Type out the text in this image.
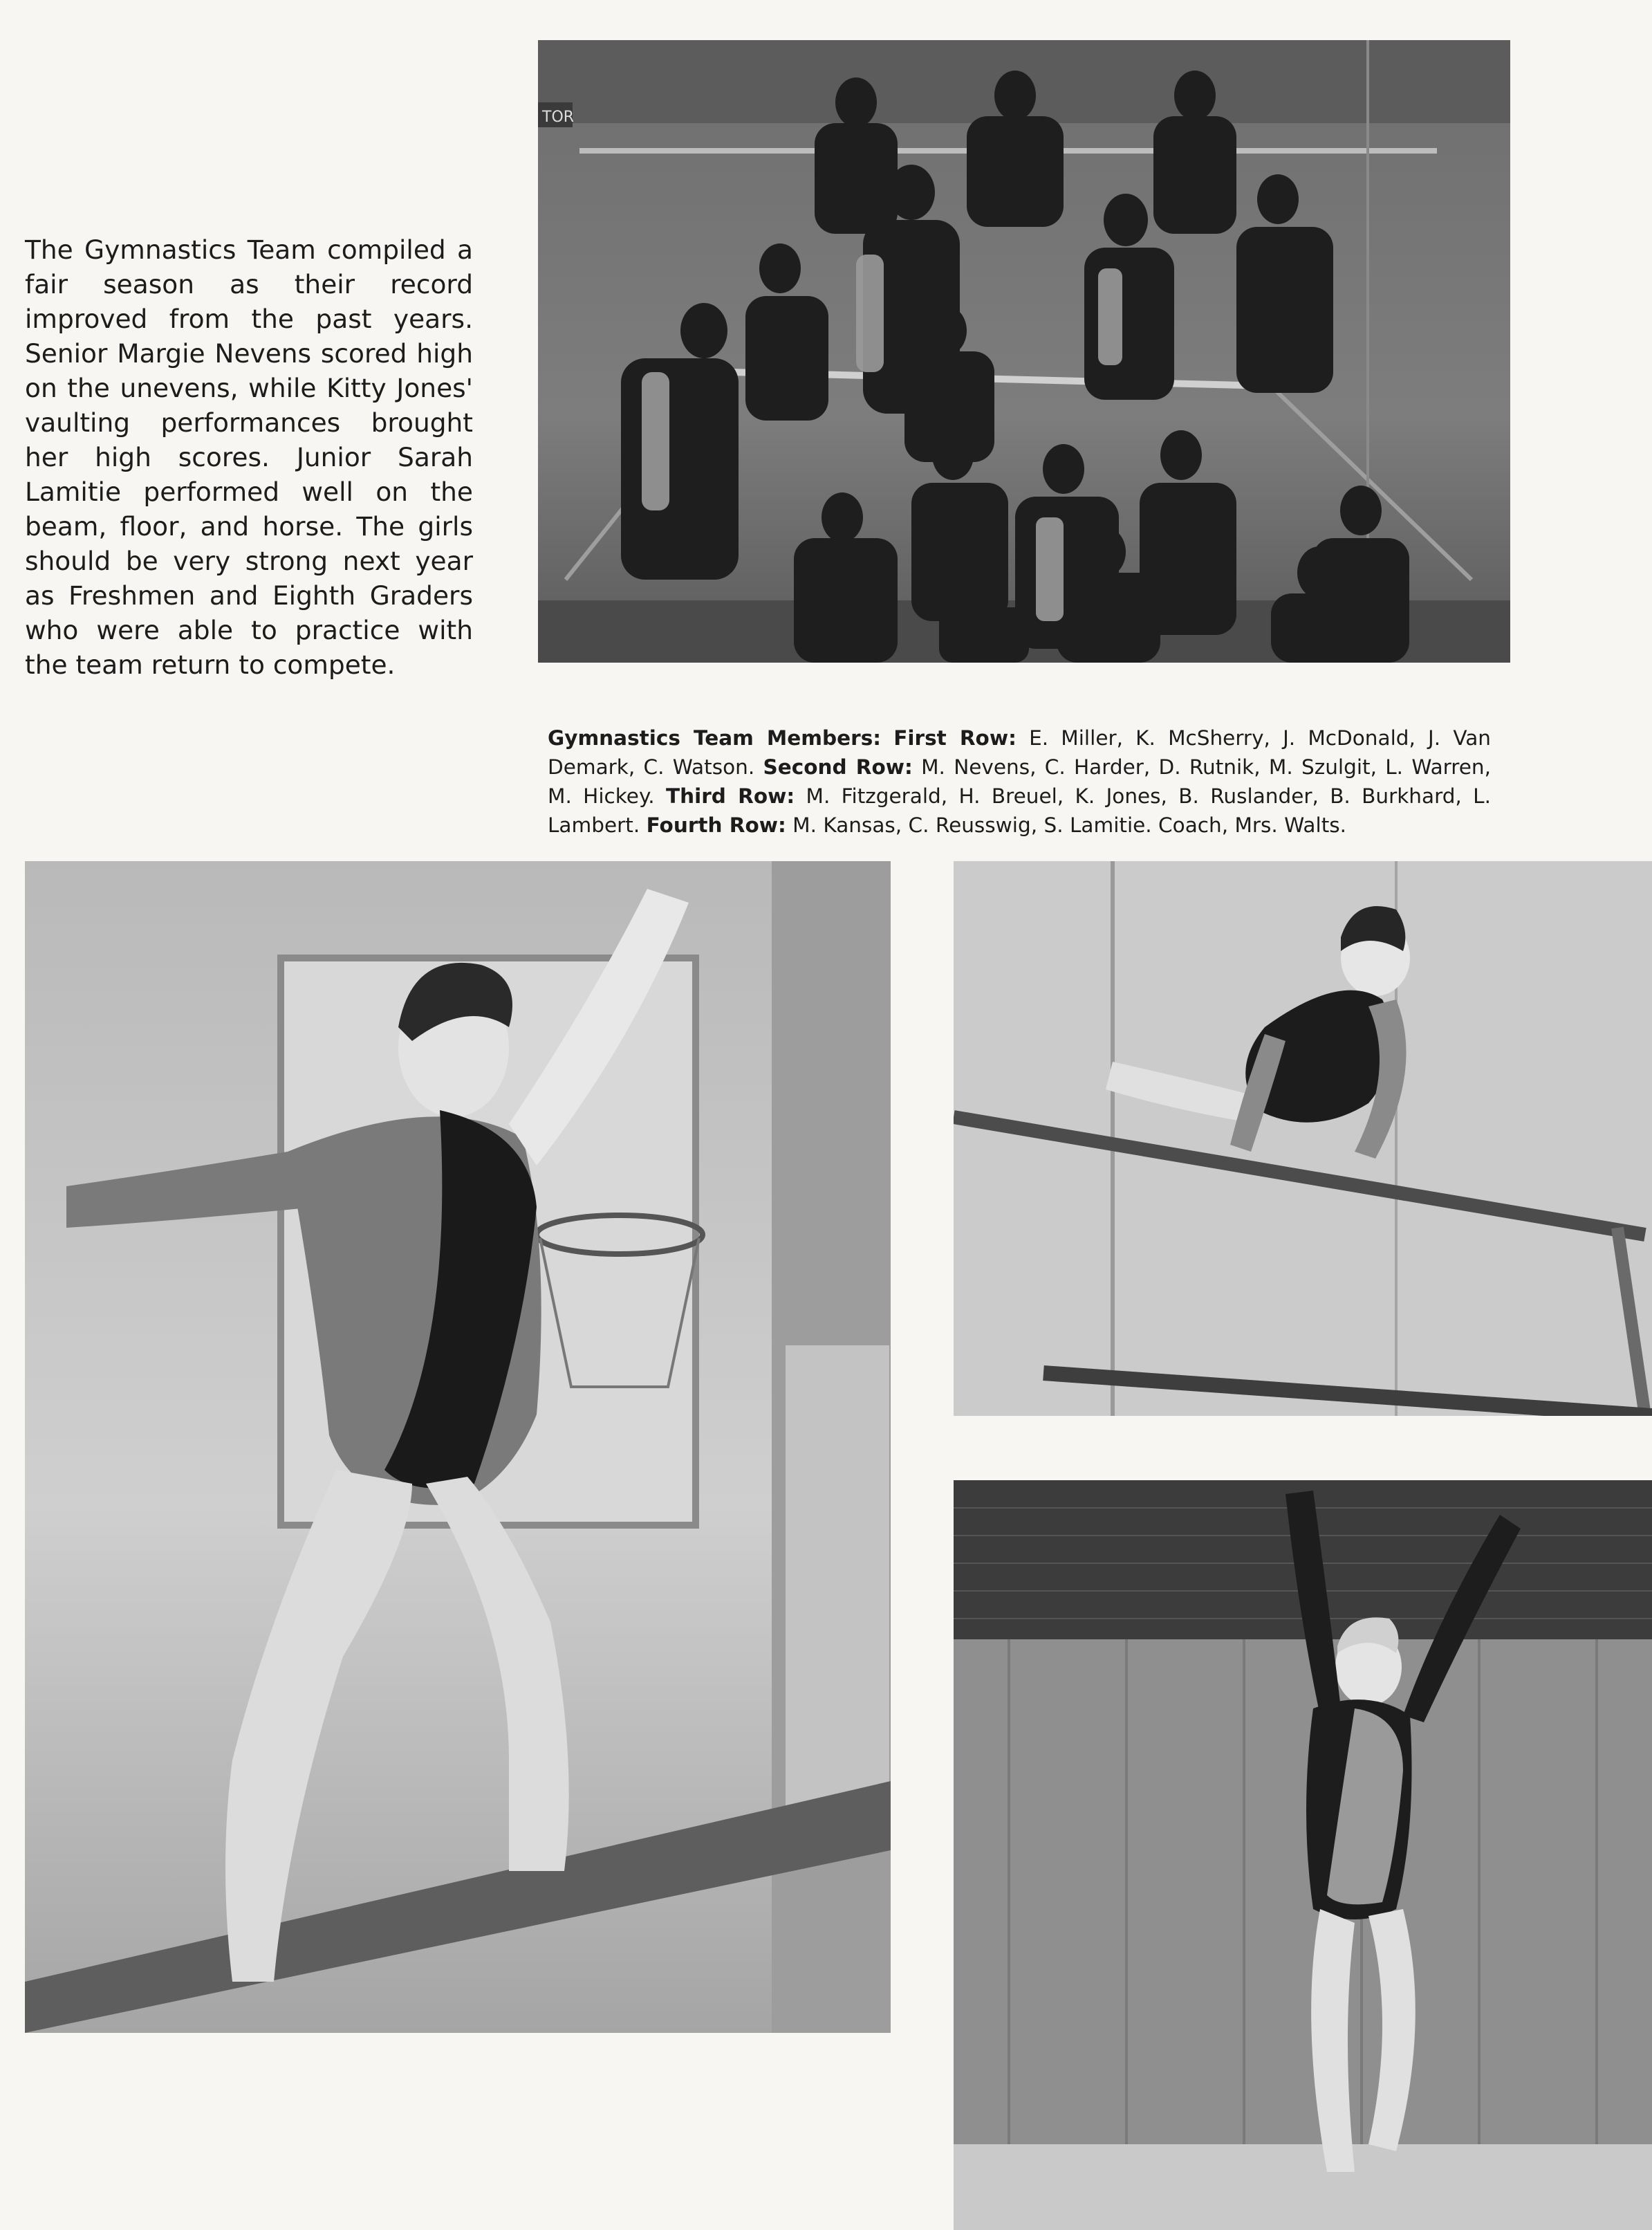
The Gymnastics Team compiled a fair season as their record improved from the past years. Senior Margie Nevens scored high on the unevens, while Kitty Jones' vaulting performances brought her high scores. Junior Sarah Lamitie performed well on the beam, floor, and horse. The girls should be very strong next year as Freshmen and Eighth Graders who were able to practice with the team return to compete.

TOR

Gymnastics Team Members: First Row: E. Miller, K. McSherry, J. McDonald, J. Van Demark, C. Watson. Second Row: M. Nevens, C. Harder, D. Rutnik, M. Szulgit, L. Warren, M. Hickey. Third Row: M. Fitzgerald, H. Breuel, K. Jones, B. Ruslander, B. Burkhard, L. Lambert. Fourth Row: M. Kansas, C. Reusswig, S. Lamitie. Coach, Mrs. Walts.
